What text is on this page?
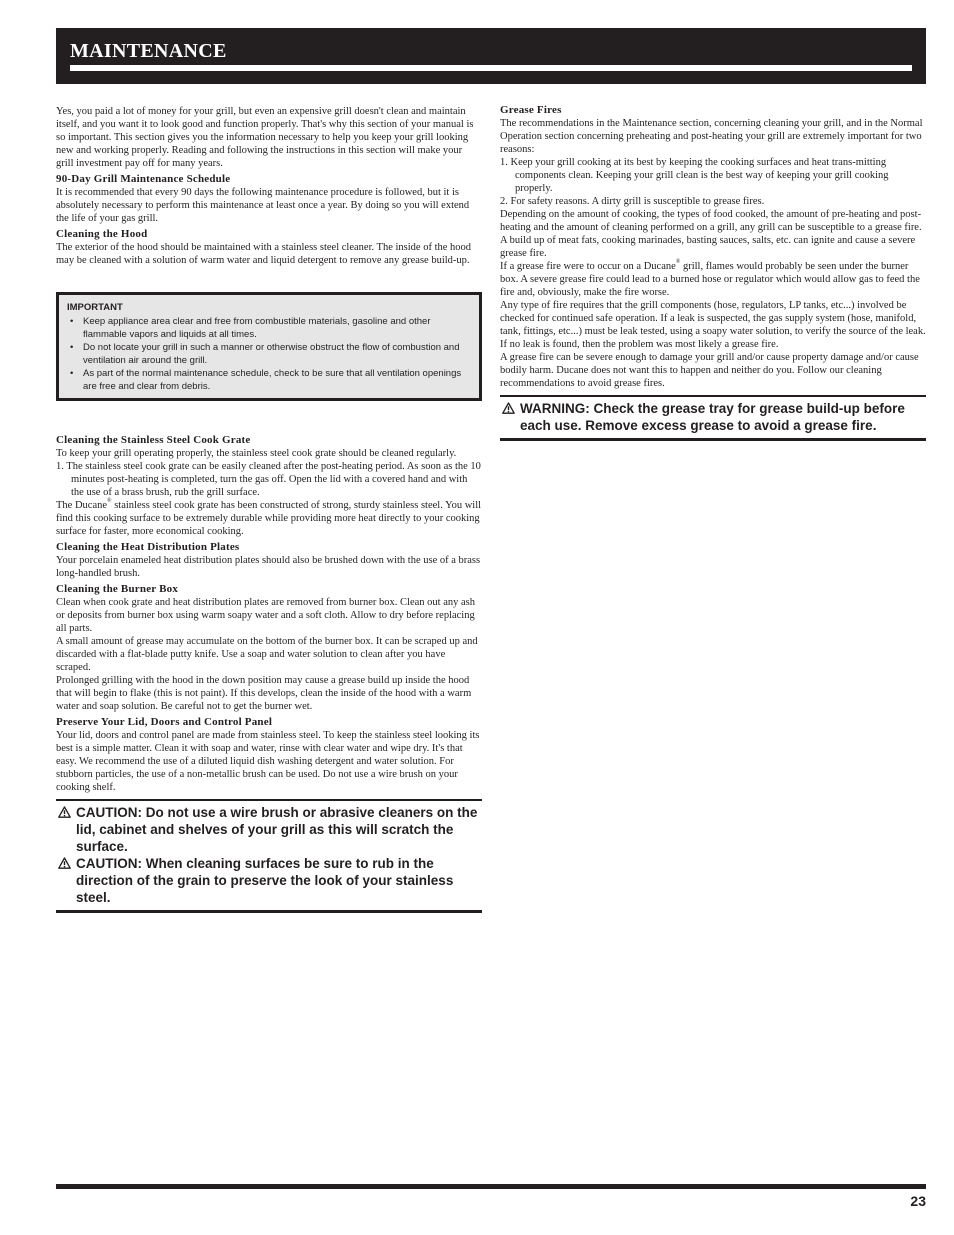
MAINTENANCE

Yes, you paid a lot of money for your grill, but even an expensive grill doesn't clean and maintain itself, and you want it to look good and function properly. That's why this section of your manual is so important. This section gives you the information necessary to help you keep your grill looking new and working properly. Reading and following the instructions in this section will make your grill investment pay off for many years.

90-Day Grill Maintenance Schedule

It is recommended that every 90 days the following maintenance procedure is followed, but it is absolutely necessary to perform this maintenance at least once a year. By doing so you will extend the life of your gas grill.

Cleaning the Hood

The exterior of the hood should be maintained with a stainless steel cleaner. The inside of the hood may be cleaned with a solution of warm water and liquid detergent to remove any grease build-up.

IMPORTANT
• Keep appliance area clear and free from combustible materials, gasoline and other flammable vapors and liquids at all times.
• Do not locate your grill in such a manner or otherwise obstruct the flow of combustion and ventilation air around the grill.
• As part of the normal maintenance schedule, check to be sure that all ventilation openings are free and clear from debris.
Cleaning the Stainless Steel Cook Grate

To keep your grill operating properly, the stainless steel cook grate should be cleaned regularly.

1. The stainless steel cook grate can be easily cleaned after the post-heating period. As soon as the 10 minutes post-heating is completed, turn the gas off. Open the lid with a covered hand and with the use of a brass brush, rub the grill surface.

The Ducane® stainless steel cook grate has been constructed of strong, sturdy stainless steel. You will find this cooking surface to be extremely durable while providing more heat directly to your cooking surface for faster, more economical cooking.

Cleaning the Heat Distribution Plates

Your porcelain enameled heat distribution plates should also be brushed down with the use of a brass long-handled brush.

Cleaning the Burner Box

Clean when cook grate and heat distribution plates are removed from burner box. Clean out any ash or deposits from burner box using warm soapy water and a soft cloth. Allow to dry before replacing all parts.

A small amount of grease may accumulate on the bottom of the burner box. It can be scraped up and discarded with a flat-blade putty knife. Use a soap and water solution to clean after you have scraped.

Prolonged grilling with the hood in the down position may cause a grease build up inside the hood that will begin to flake (this is not paint). If this develops, clean the inside of the hood with a warm water and soap solution. Be careful not to get the burner wet.

Preserve Your Lid, Doors and Control Panel

Your lid, doors and control panel are made from stainless steel. To keep the stainless steel looking its best is a simple matter. Clean it with soap and water, rinse with clear water and wipe dry. It's that easy. We recommend the use of a diluted liquid dish washing detergent and water solution. For stubborn particles, the use of a non-metallic brush can be used. Do not use a wire brush on your cooking shelf.

CAUTION: Do not use a wire brush or abrasive cleaners on the lid, cabinet and shelves of your grill as this will scratch the surface.
CAUTION: When cleaning surfaces be sure to rub in the direction of the grain to preserve the look of your stainless steel.
Grease Fires

The recommendations in the Maintenance section, concerning cleaning your grill, and in the Normal Operation section concerning preheating and post-heating your grill are extremely important for two reasons:

1. Keep your grill cooking at its best by keeping the cooking surfaces and heat trans-mitting components clean. Keeping your grill clean is the best way of keeping your grill cooking properly.
2. For safety reasons. A dirty grill is susceptible to grease fires.

Depending on the amount of cooking, the types of food cooked, the amount of pre-heating and post-heating and the amount of cleaning performed on a grill, any grill can be susceptible to a grease fire. A build up of meat fats, cooking marinades, basting sauces, salts, etc. can ignite and cause a severe grease fire.

If a grease fire were to occur on a Ducane® grill, flames would probably be seen under the burner box. A severe grease fire could lead to a burned hose or regulator which would allow gas to feed the fire and, obviously, make the fire worse.

Any type of fire requires that the grill components (hose, regulators, LP tanks, etc...) involved be checked for continued safe operation. If a leak is suspected, the gas supply system (hose, manifold, tank, fittings, etc...) must be leak tested, using a soapy water solution, to verify the source of the leak. If no leak is found, then the problem was most likely a grease fire.

A grease fire can be severe enough to damage your grill and/or cause property damage and/or cause bodily harm. Ducane does not want this to happen and neither do you. Follow our cleaning recommendations to avoid grease fires.

WARNING: Check the grease tray for grease build-up before each use. Remove excess grease to avoid a grease fire.
23
